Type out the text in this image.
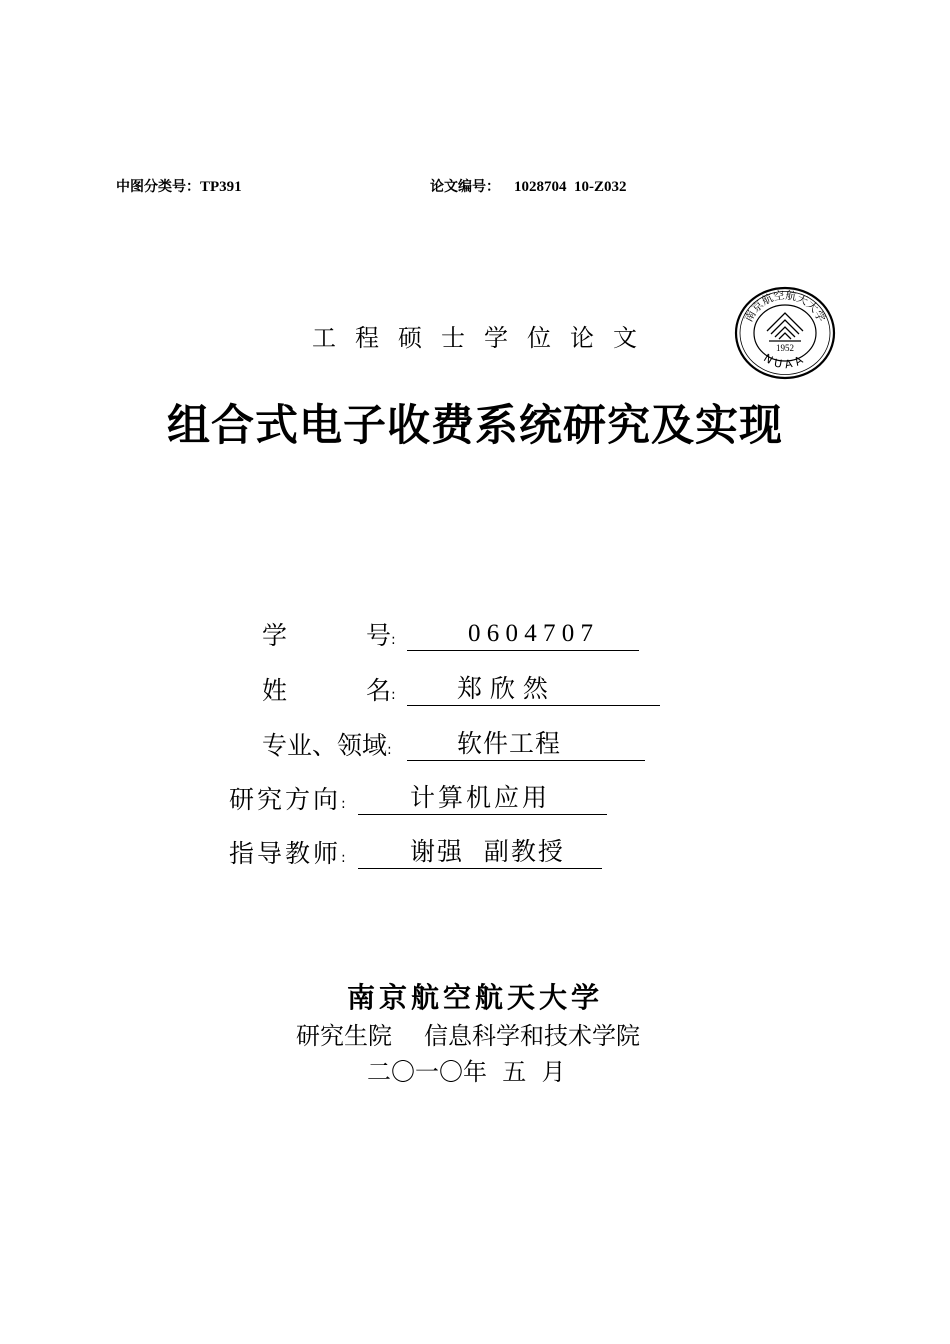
中图分类号：TP391	论文编号： 1028704  10-Z032
工程硕士学位论文
南京航空航天大学
NUAA
1952
组合式电子收费系统研究及实现
学	号:	0 6 0 4 7 0 7
姓	名: 郑 欣 然
专业、领域:	软件工程
研究方向:	计算机应用
指导教师:	谢强  副教授
南京航空航天大学
研究生院 信息科学和技术学院
二〇一〇年  五  月
